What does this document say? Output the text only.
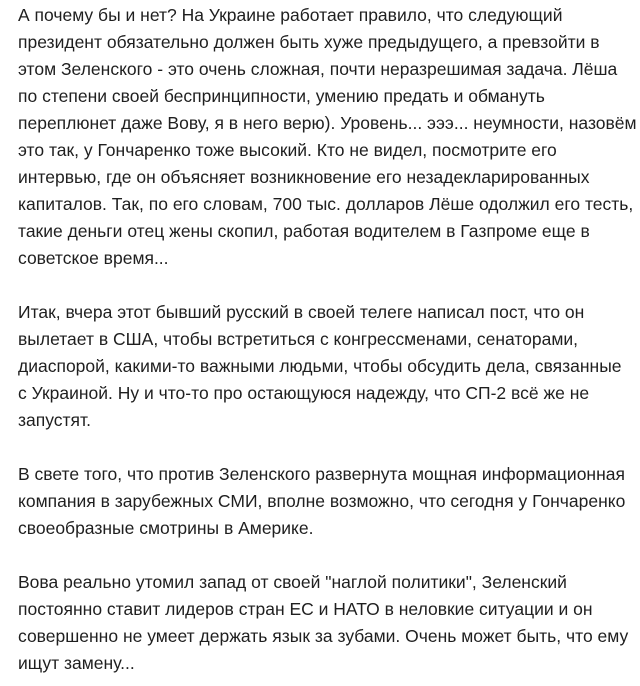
А почему бы и нет? На Украине работает правило, что следующий
президент обязательно должен быть хуже предыдущего, а превзойти в
этом Зеленского - это очень сложная, почти неразрешимая задача. Лёша
по степени своей беспринципности, умению предать и обмануть
переплюнет даже Вову, я в него верю). Уровень... эээ... неумности, назовём
это так, у Гончаренко тоже высокий. Кто не видел, посмотрите его
интервью, где он объясняет возникновение его незадекларированных
капиталов. Так, по его словам, 700 тыс. долларов Лёше одолжил его тесть,
такие деньги отец жены скопил, работая водителем в Газпроме еще в
советское время...

Итак, вчера этот бывший русский в своей телеге написал пост, что он
вылетает в США, чтобы встретиться с конгрессменами, сенаторами,
диаспорой, какими-то важными людьми, чтобы обсудить дела, связанные
с Украиной. Ну и что-то про остающуюся надежду, что СП-2 всё же не
запустят.

В свете того, что против Зеленского развернута мощная информационная
компания в зарубежных СМИ, вполне возможно, что сегодня у Гончаренко
своеобразные смотрины в Америке.

Вова реально утомил запад от своей "наглой политики", Зеленский
постоянно ставит лидеров стран ЕС и НАТО в неловкие ситуации и он
совершенно не умеет держать язык за зубами. Очень может быть, что ему
ищут замену...
